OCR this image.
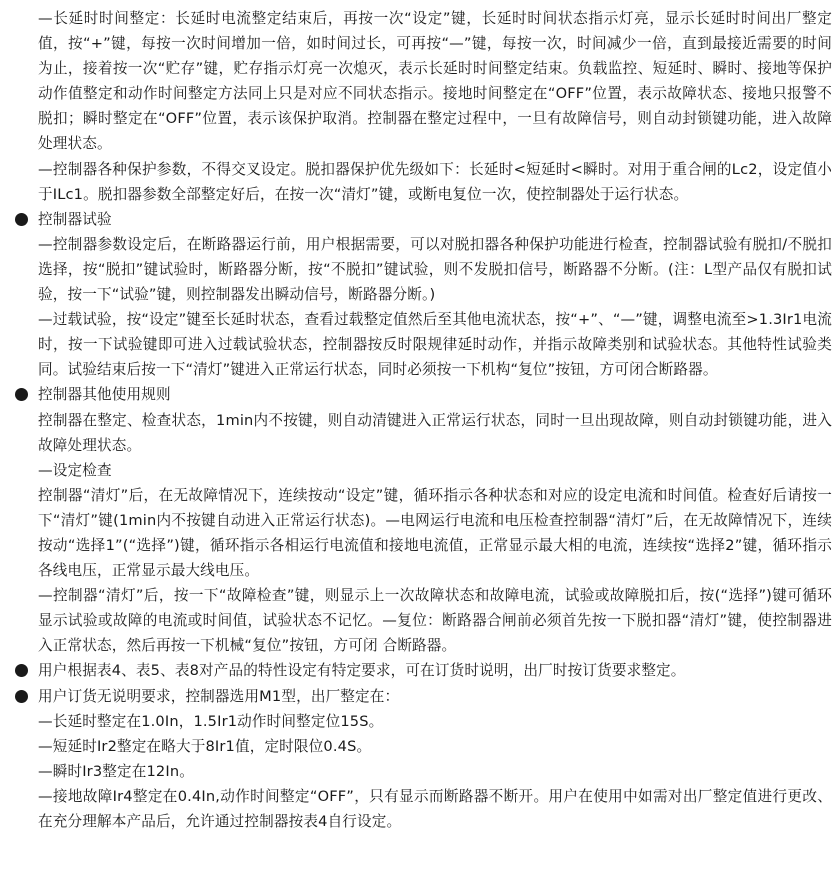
—长延时时间整定：长延时电流整定结束后，再按一次“设定”键，长延时时间状态指示灯亮，显示长延时时间出厂整定值，按“+”键，每按一次时间增加一倍，如时间过长，可再按“—”键，每按一次，时间减少一倍，直到最接近需要的时间为止，接着按一次“贮存”键，贮存指示灯亮一次熄灭，表示长延时时间整定结束。负载监控、短延时、瞬时、接地等保护动作值整定和动作时间整定方法同上只是对应不同状态指示。接地时间整定在“OFF”位置，表示故障状态、接地只报警不脱扣；瞬时整定在“OFF”位置，表示该保护取消。控制器在整定过程中，一旦有故障信号，则自动封锁键功能，进入故障处理状态。

—控制器各种保护参数，不得交叉设定。脱扣器保护优先级如下：长延时<短延时<瞬时。对用于重合闸的Lc2，设定值小于ILc1。脱扣器参数全部整定好后，在按一次“清灯”键，或断电复位一次，使控制器处于运行状态。

控制器试验

—控制器参数设定后，在断路器运行前，用户根据需要，可以对脱扣器各种保护功能进行检查，控制器试验有脱扣/不脱扣选择，按“脱扣”键试验时，断路器分断，按“不脱扣”键试验，则不发脱扣信号，断路器不分断。(注：L型产品仅有脱扣试验，按一下“试验”键，则控制器发出瞬动信号，断路器分断。)

—过载试验，按“设定”键至长延时状态，查看过载整定值然后至其他电流状态，按“+”、“—”键，调整电流至>1.3Ir1电流时，按一下试验键即可进入过载试验状态，控制器按反时限规律延时动作，并指示故障类别和试验状态。其他特性试验类同。试验结束后按一下“清灯”键进入正常运行状态，同时必须按一下机构“复位”按钮，方可闭合断路器。

控制器其他使用规则

控制器在整定、检查状态，1min内不按键，则自动清键进入正常运行状态，同时一旦出现故障，则自动封锁键功能，进入故障处理状态。

—设定检查

控制器“清灯”后，在无故障情况下，连续按动“设定”键，循环指示各种状态和对应的设定电流和时间值。检查好后请按一下“清灯”键(1min内不按键自动进入正常运行状态)。—电网运行电流和电压检查控制器“清灯”后，在无故障情况下，连续按动“选择1”(“选择”)键，循环指示各相运行电流值和接地电流值，正常显示最大相的电流，连续按“选择2”键，循环指示各线电压，正常显示最大线电压。

—控制器“清灯”后，按一下“故障检查”键，则显示上一次故障状态和故障电流，试验或故障脱扣后，按(“选择”)键可循环显示试验或故障的电流或时间值，试验状态不记忆。—复位：断路器合闸前必须首先按一下脱扣器“清灯”键，使控制器进入正常状态，然后再按一下机械“复位”按钮，方可闭 合断路器。

用户根据表4、表5、表8对产品的特性设定有特定要求，可在订货时说明，出厂时按订货要求整定。

用户订货无说明要求，控制器选用M1型，出厂整定在：

—长延时整定在1.0In，1.5Ir1动作时间整定位15S。

—短延时Ir2整定在略大于8Ir1值，定时限位0.4S。

—瞬时Ir3整定在12In。

—接地故障Ir4整定在0.4In,动作时间整定“OFF”，只有显示而断路器不断开。用户在使用中如需对出厂整定值进行更改、在充分理解本产品后，允许通过控制器按表4自行设定。
